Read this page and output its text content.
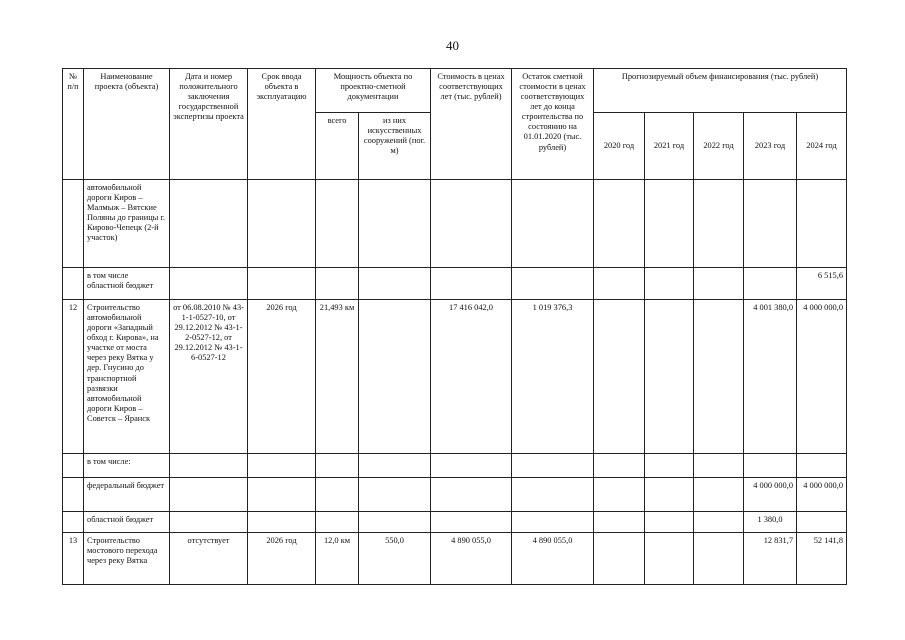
40
№ п/п	Наименование проекта (объекта)	Дата и номер положительного заключения государственной экспертизы проекта	Срок ввода объекта в эксплуатацию	Мощность объекта по проектно-сметной документации		Стоимость в ценах соответствующих лет (тыс. рублей)	Остаток сметной стоимости в ценах соответствующих лет до конца строительства по состоянию на 01.01.2020 (тыс. рублей)	Прогнозируемый объем финансирования (тыс. рублей)				
				всего	из них искусственных сооружений (пог. м)			2020 год	2021 год	2022 год	2023 год	2024 год
	автомобильной дороги Киров – Малмыж – Вятские Поляны до границы г. Кирово-Чепецк (2-й участок)											
	в том числе областной бюджет											6 515,6
12	Строительство автомобильной дороги «Западный обход г. Кирова», на участке от моста через реку Вятка у дер. Гнусино до транспортной развязки автомобильной дороги Киров – Советск – Яранск	от 06.08.2010 № 43-1-1-0527-10, от 29.12.2012 № 43-1-2-0527-12, от 29.12.2012 № 43-1-6-0527-12	2026 год	21,493 км		17 416 042,0	1 019 376,3				4 001 380,0	4 000 000,0
	в том числе:											
	федеральный бюджет										4 000 000,0	4 000 000,0
	областной бюджет										1 380,0	
13	Строительство мостового перехода через реку Вятка	отсутствует	2026 год	12,0 км	550,0	4 890 055,0	4 890 055,0				12 831,7	52 141,8
